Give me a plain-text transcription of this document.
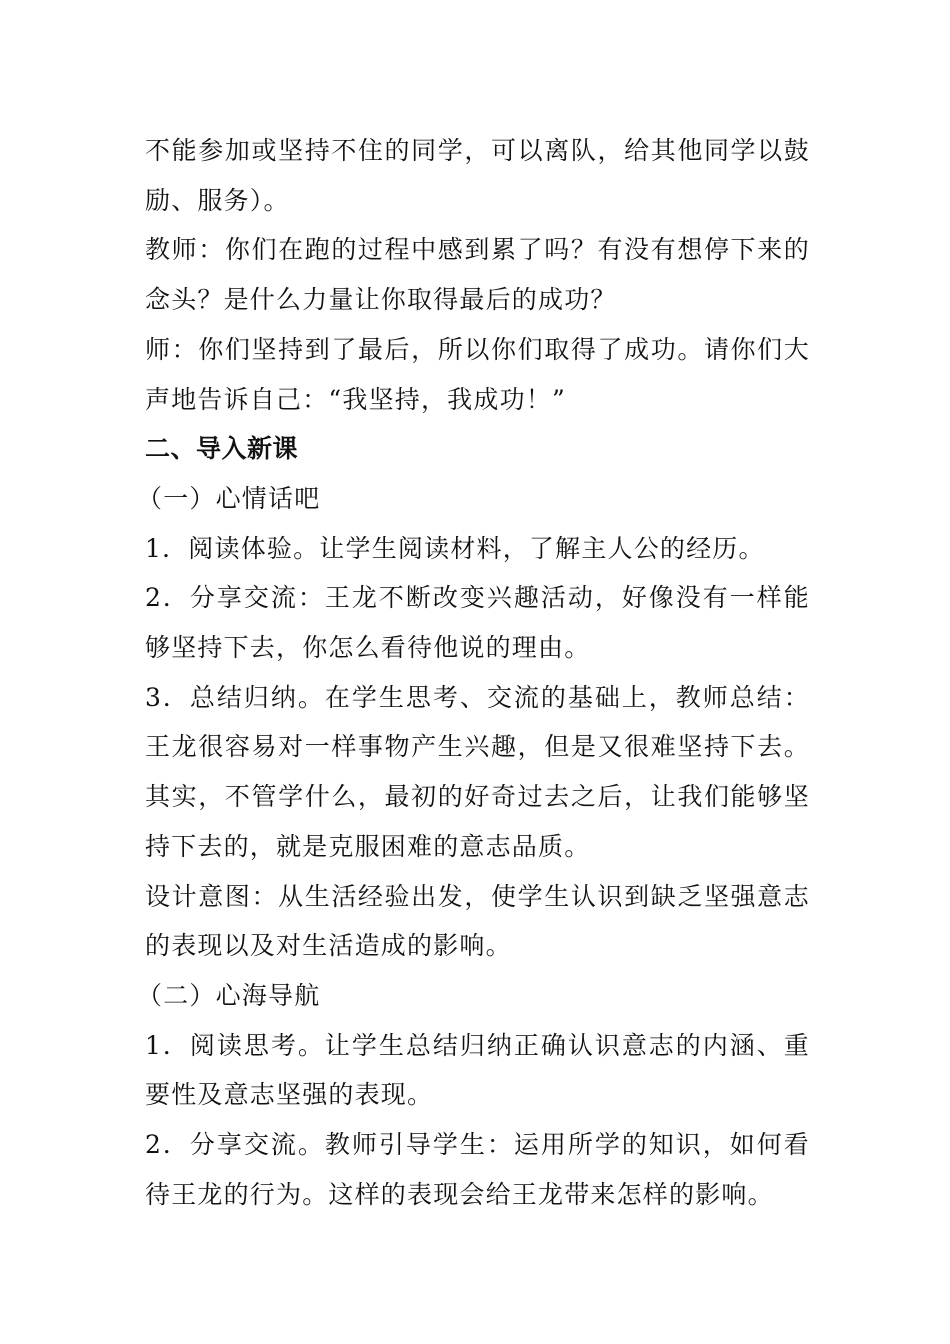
不能参加或坚持不住的同学，可以离队，给其他同学以鼓励、服务）。

教师：你们在跑的过程中感到累了吗？有没有想停下来的念头？是什么力量让你取得最后的成功？

师：你们坚持到了最后，所以你们取得了成功。请你们大声地告诉自己：“我坚持，我成功！”

二、导入新课

（一）心情话吧

1．阅读体验。让学生阅读材料，了解主人公的经历。

2．分享交流：王龙不断改变兴趣活动，好像没有一样能够坚持下去，你怎么看待他说的理由。

3．总结归纳。在学生思考、交流的基础上，教师总结：王龙很容易对一样事物产生兴趣，但是又很难坚持下去。其实，不管学什么，最初的好奇过去之后，让我们能够坚持下去的，就是克服困难的意志品质。

设计意图：从生活经验出发，使学生认识到缺乏坚强意志的表现以及对生活造成的影响。

（二）心海导航

1．阅读思考。让学生总结归纳正确认识意志的内涵、重要性及意志坚强的表现。

2．分享交流。教师引导学生：运用所学的知识，如何看待王龙的行为。这样的表现会给王龙带来怎样的影响。
